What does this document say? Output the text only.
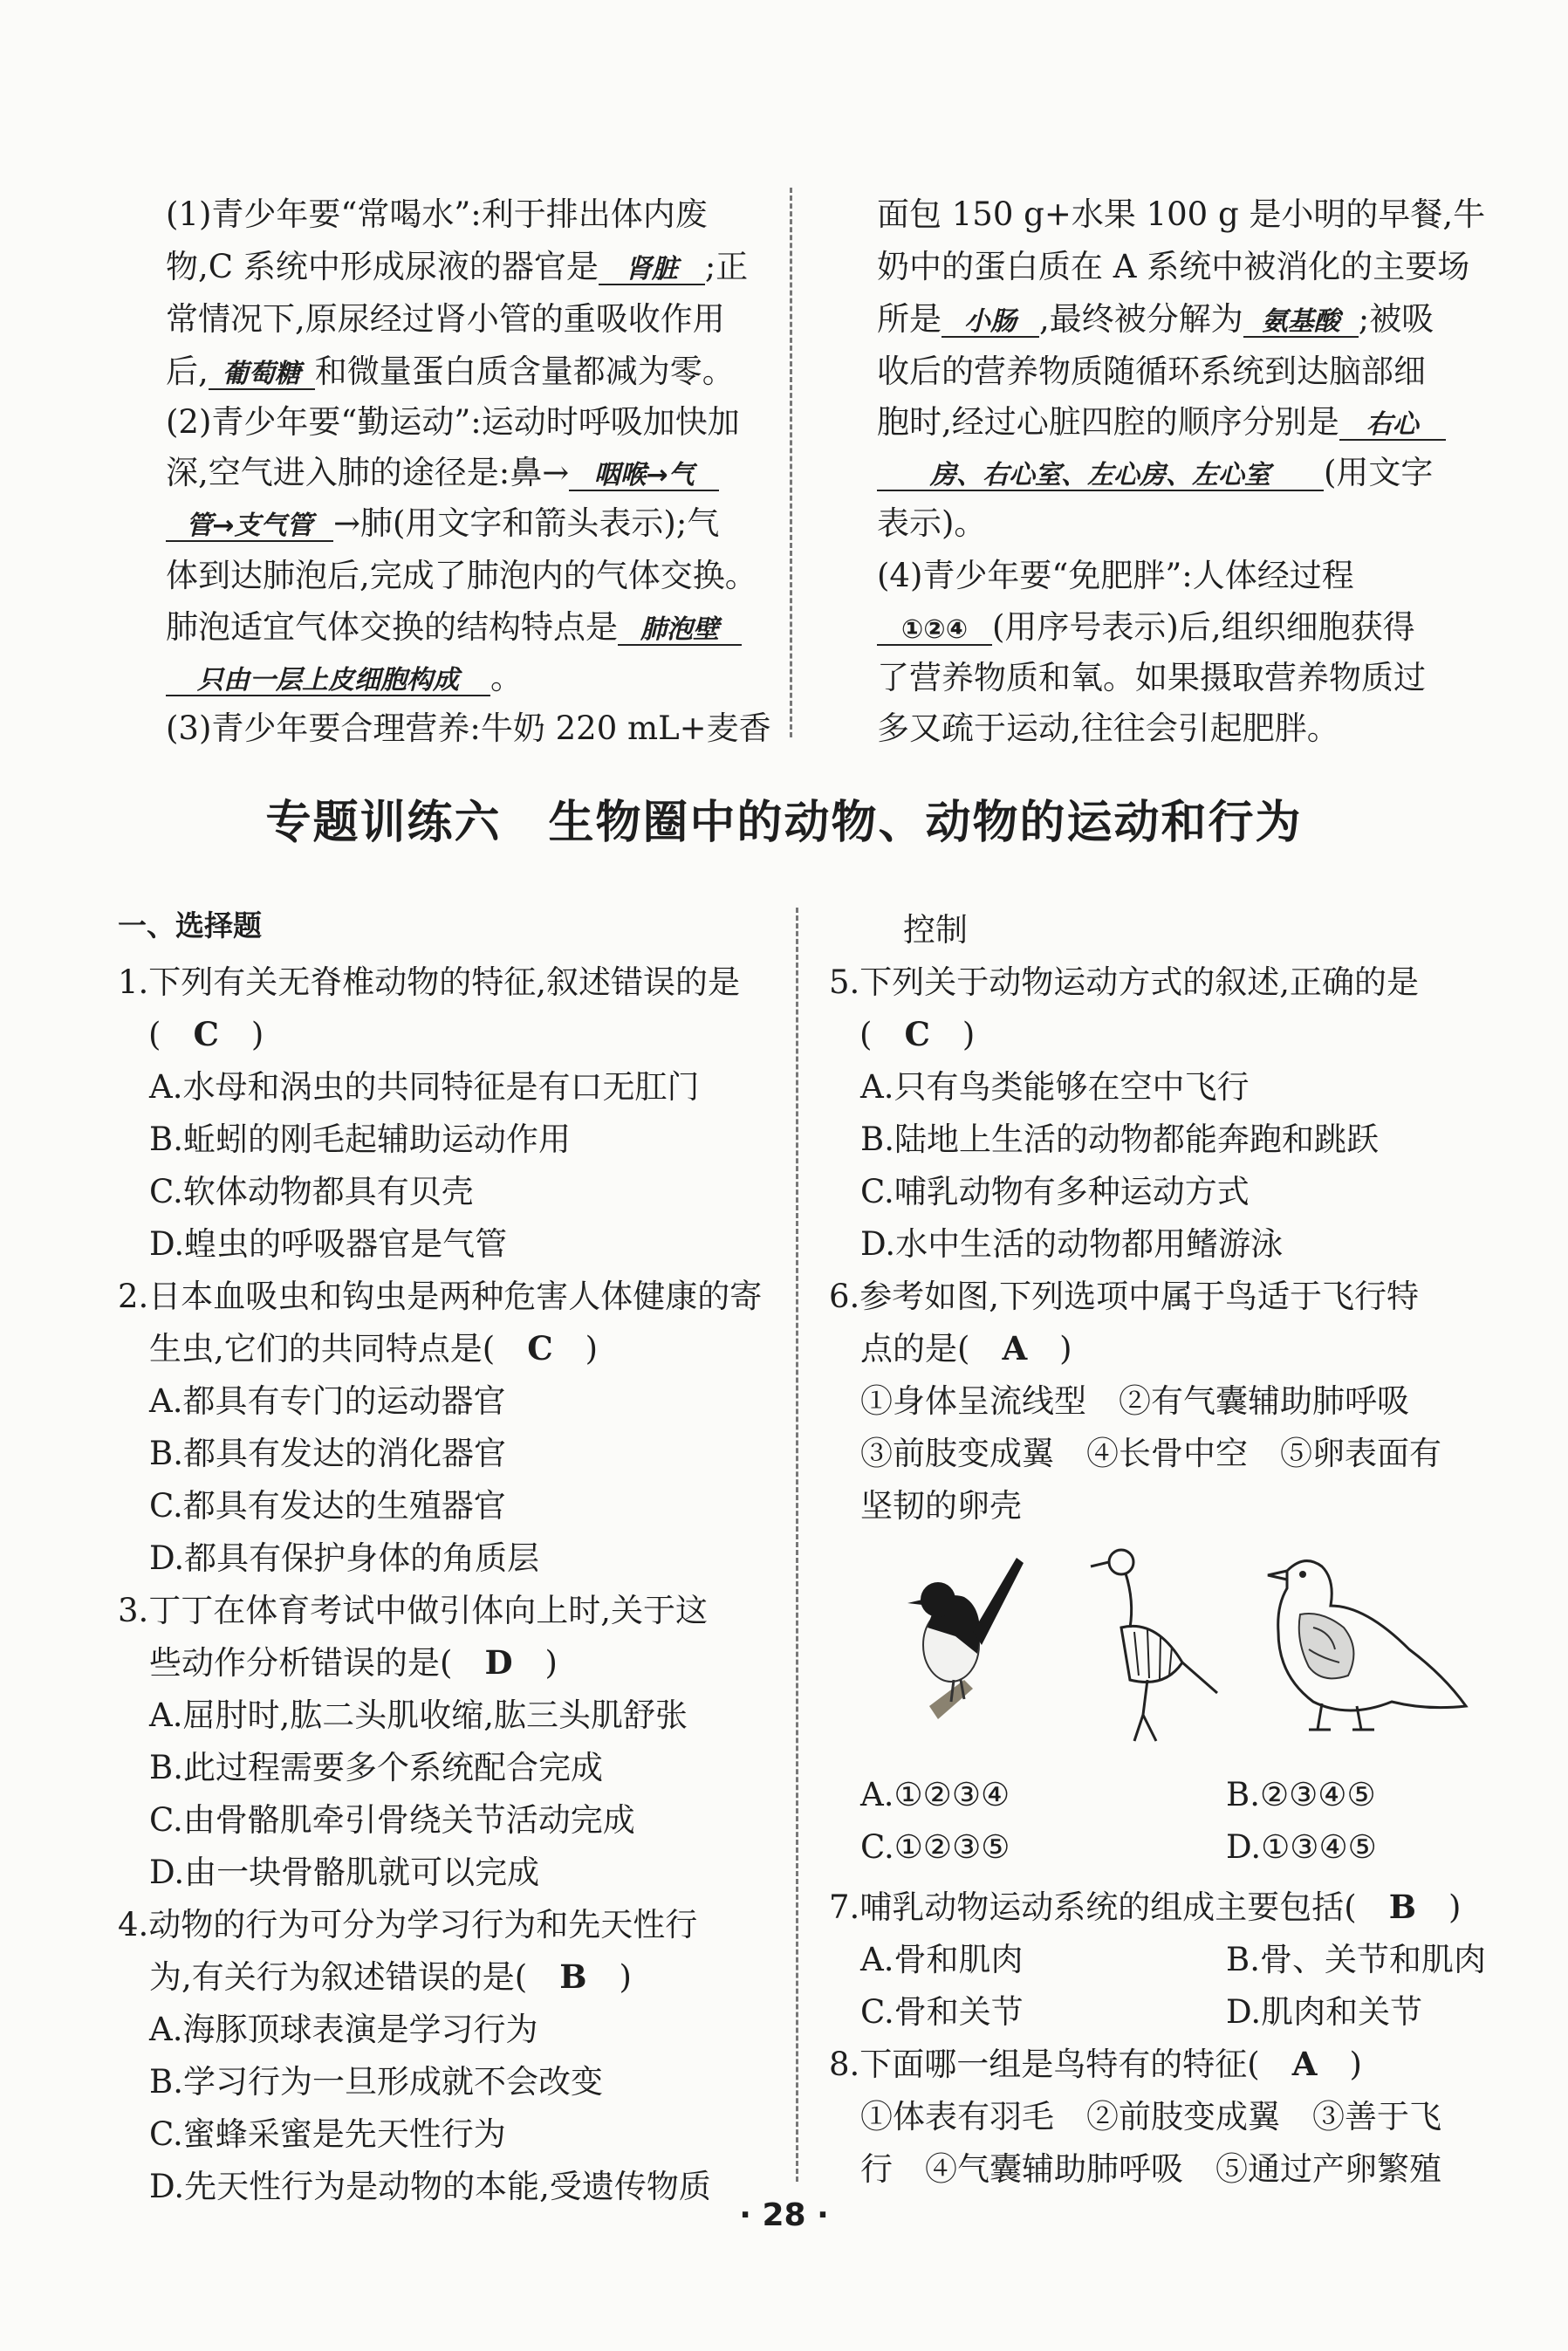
(1)青少年要“常喝水”:利于排出体内废
物,C 系统中形成尿液的器官是 肾脏 ;正
常情况下,原尿经过肾小管的重吸收作用
后, 葡萄糖 和微量蛋白质含量都减为零。
(2)青少年要“勤运动”:运动时呼吸加快加
深,空气进入肺的途径是:鼻→ 咽喉→气
管→支气管 →肺(用文字和箭头表示);气
体到达肺泡后,完成了肺泡内的气体交换。
肺泡适宜气体交换的结构特点是 肺泡壁
只由一层上皮细胞构成 。
(3)青少年要合理营养:牛奶 220 mL+麦香
面包 150 g+水果 100 g 是小明的早餐,牛
奶中的蛋白质在 A 系统中被消化的主要场
所是 小肠 ,最终被分解为 氨基酸 ;被吸
收后的营养物质随循环系统到达脑部细
胞时,经过心脏四腔的顺序分别是 右心
房、右心室、左心房、左心室 (用文字
表示)。
(4)青少年要“免肥胖”:人体经过程
①②④ (用序号表示)后,组织细胞获得
了营养物质和氧。如果摄取营养物质过
多又疏于运动,往往会引起肥胖。
专题训练六　生物圈中的动物、动物的运动和行为
一、选择题
1.下列有关无脊椎动物的特征,叙述错误的是
(　C　)
A.水母和涡虫的共同特征是有口无肛门
B.蚯蚓的刚毛起辅助运动作用
C.软体动物都具有贝壳
D.蝗虫的呼吸器官是气管
2.日本血吸虫和钩虫是两种危害人体健康的寄
生虫,它们的共同特点是(　 C　)
A.都具有专门的运动器官
B.都具有发达的消化器官
C.都具有发达的生殖器官
D.都具有保护身体的角质层
3.丁丁在体育考试中做引体向上时,关于这
些动作分析错误的是(　 D　)
A.屈肘时,肱二头肌收缩,肱三头肌舒张
B.此过程需要多个系统配合完成
C.由骨骼肌牵引骨绕关节活动完成
D.由一块骨骼肌就可以完成
4.动物的行为可分为学习行为和先天性行
为,有关行为叙述错误的是(　 B　)
A.海豚顶球表演是学习行为
B.学习行为一旦形成就不会改变
C.蜜蜂采蜜是先天性行为
D.先天性行为是动物的本能,受遗传物质
控制
5.下列关于动物运动方式的叙述,正确的是
(　C　)
A.只有鸟类能够在空中飞行
B.陆地上生活的动物都能奔跑和跳跃
C.哺乳动物有多种运动方式
D.水中生活的动物都用鳍游泳
6.参考如图,下列选项中属于鸟适于飞行特
点的是(　 A　)
①身体呈流线型　②有气囊辅助肺呼吸
③前肢变成翼　④长骨中空　⑤卵表面有
坚韧的卵壳
A.①②③④	B.②③④⑤
C.①②③⑤	D.①③④⑤
7.哺乳动物运动系统的组成主要包括(　 B　)
A.骨和肌肉	B.骨、关节和肌肉
C.骨和关节	D.肌肉和关节
8.下面哪一组是鸟特有的特征(　 A　)
①体表有羽毛　②前肢变成翼　③善于飞
行　④气囊辅助肺呼吸　⑤通过产卵繁殖
· 28 ·
